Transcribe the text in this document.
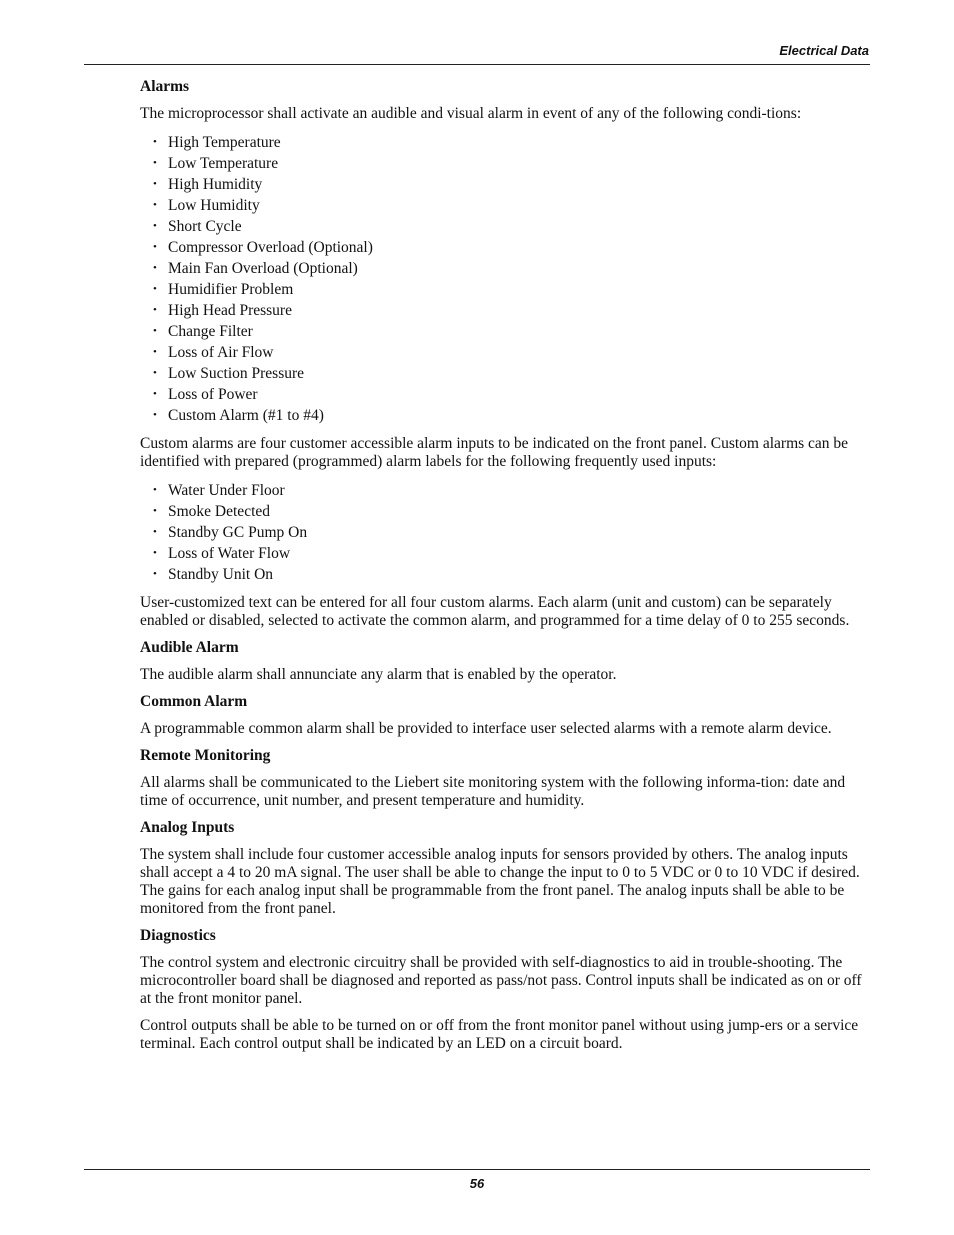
Electrical Data
Alarms

The microprocessor shall activate an audible and visual alarm in event of any of the following condi-tions:

• High Temperature
• Low Temperature
• High Humidity
• Low Humidity
• Short Cycle
• Compressor Overload (Optional)
• Main Fan Overload (Optional)
• Humidifier Problem
• High Head Pressure
• Change Filter
• Loss of Air Flow
• Low Suction Pressure
• Loss of Power
• Custom Alarm (#1 to #4)

Custom alarms are four customer accessible alarm inputs to be indicated on the front panel. Custom alarms can be identified with prepared (programmed) alarm labels for the following frequently used inputs:

• Water Under Floor
• Smoke Detected
• Standby GC Pump On
• Loss of Water Flow
• Standby Unit On

User-customized text can be entered for all four custom alarms. Each alarm (unit and custom) can be separately enabled or disabled, selected to activate the common alarm, and programmed for a time delay of 0 to 255 seconds.

Audible Alarm

The audible alarm shall annunciate any alarm that is enabled by the operator.

Common Alarm

A programmable common alarm shall be provided to interface user selected alarms with a remote alarm device.

Remote Monitoring

All alarms shall be communicated to the Liebert site monitoring system with the following informa-tion: date and time of occurrence, unit number, and present temperature and humidity.

Analog Inputs

The system shall include four customer accessible analog inputs for sensors provided by others. The analog inputs shall accept a 4 to 20 mA signal. The user shall be able to change the input to 0 to 5 VDC or 0 to 10 VDC if desired. The gains for each analog input shall be programmable from the front panel. The analog inputs shall be able to be monitored from the front panel.

Diagnostics

The control system and electronic circuitry shall be provided with self-diagnostics to aid in trouble-shooting. The microcontroller board shall be diagnosed and reported as pass/not pass. Control inputs shall be indicated as on or off at the front monitor panel.

Control outputs shall be able to be turned on or off from the front monitor panel without using jump-ers or a service terminal. Each control output shall be indicated by an LED on a circuit board.

56
